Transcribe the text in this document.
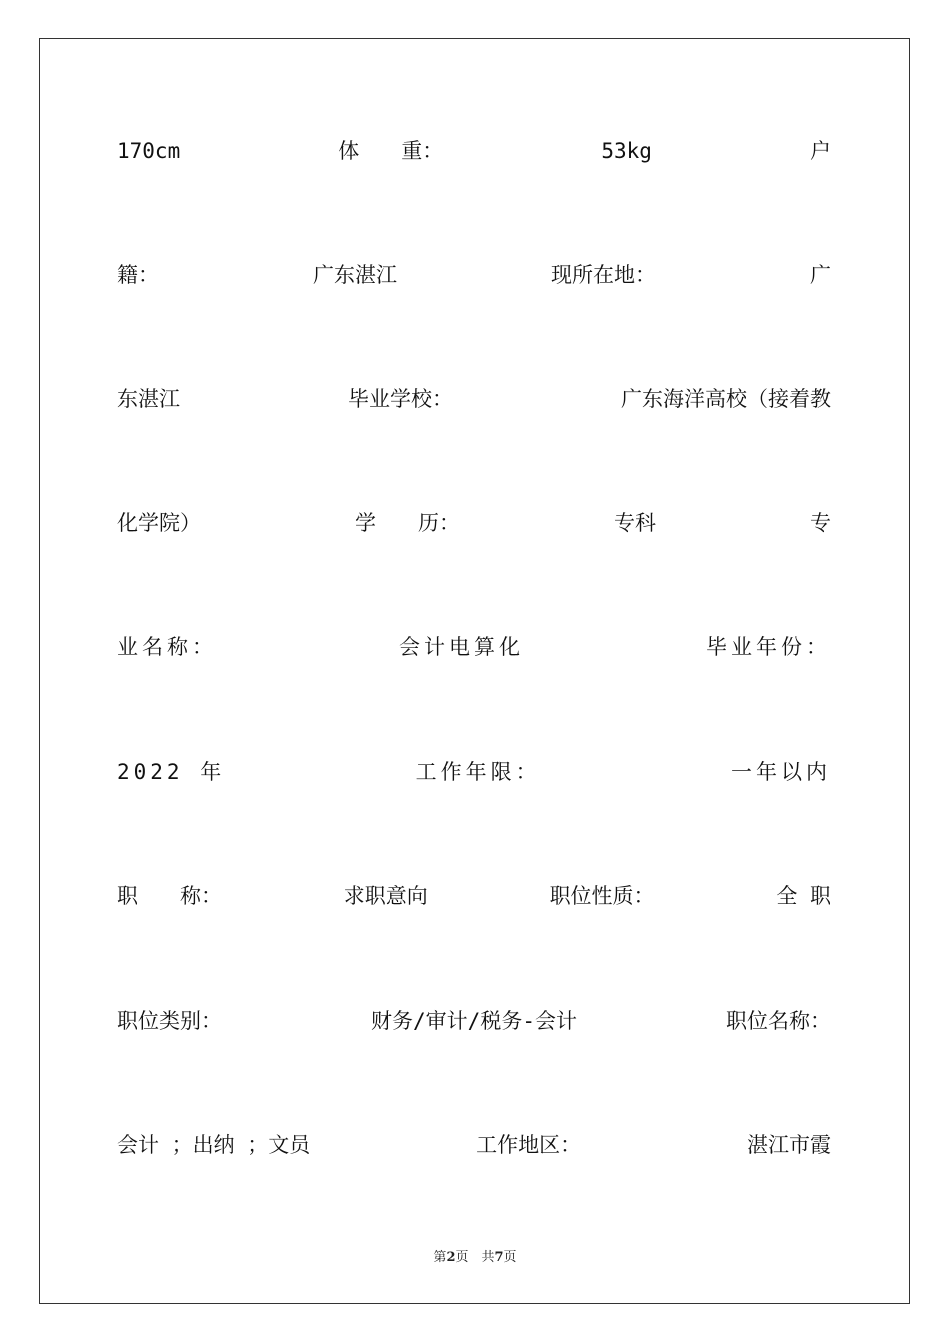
170cm	体　　重：	53kg	户
籍：	广东湛江	现所在地：	广
东湛江	毕业学校：	广东海洋高校（接着教
化学院）	学　　历：	专科	专
业名称：	会计电算化	毕业年份：
2022 年	工作年限：	一年以内
职　　称：	求职意向	职位性质：	全 职
职位类别：	财务/审计/税务-会计	职位名称：
会计 ；出纳 ；文员	工作地区：	湛江市霞
第2页　共7页
